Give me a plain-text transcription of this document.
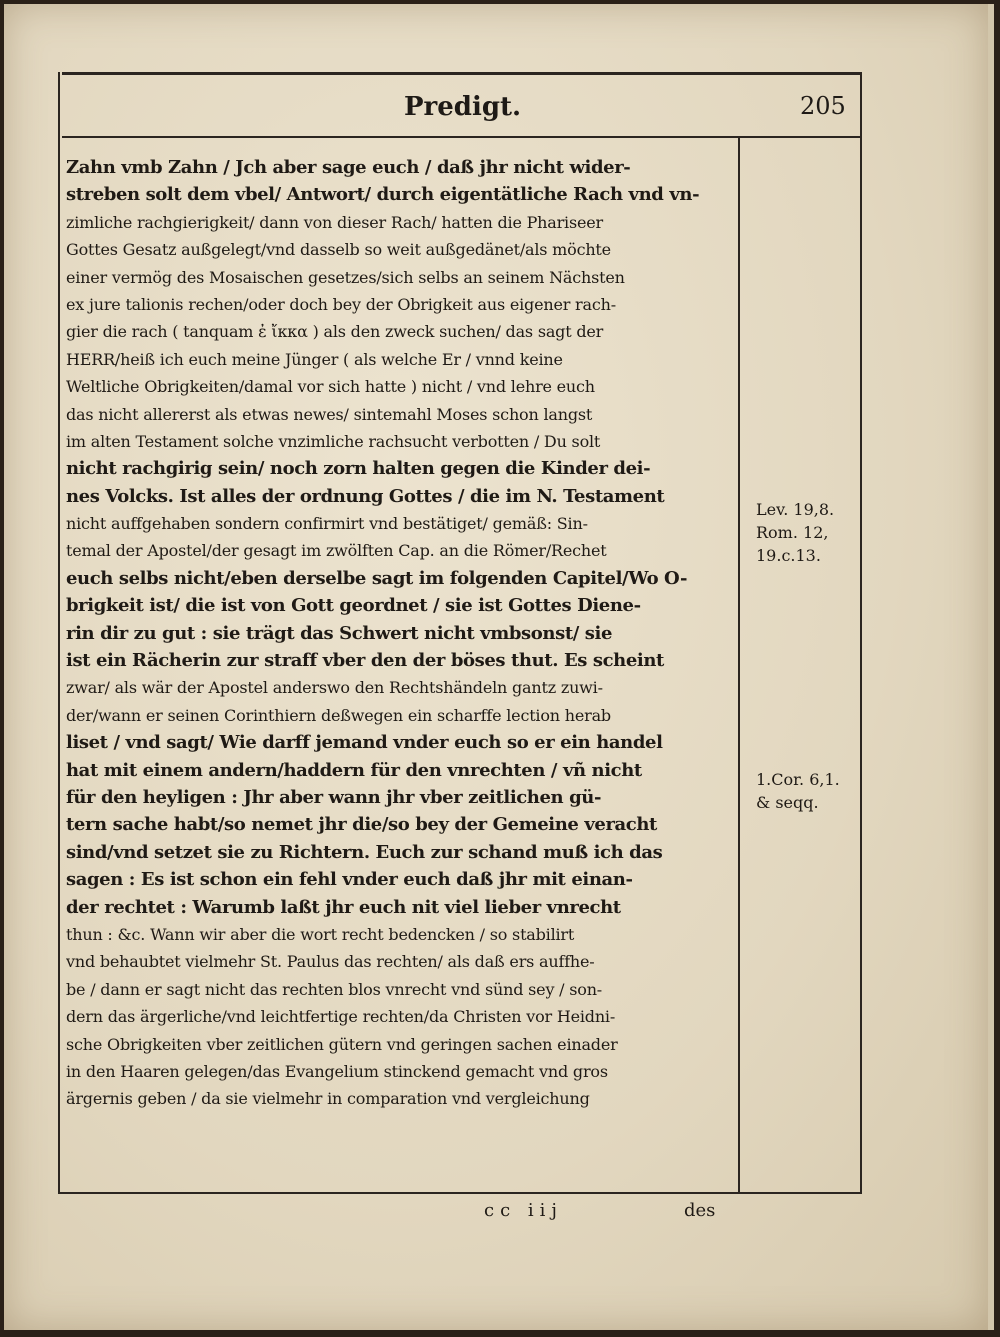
Predigt.	205
Zahn vmb Zahn / Jch aber sage euch / daß jhr nicht wider-
streben solt dem vbel/ Antwort/ durch eigentätliche Rach vnd vn-
zimliche rachgierigkeit/ dann von dieser Rach/ hatten die Phariseer
Gottes Gesatz außgelegt/vnd dasselb so weit außgedänet/als möchte
einer vermög des Mosaischen gesetzes/sich selbs an seinem Nächsten
ex jure talionis rechen/oder doch bey der Obrigkeit aus eigener rach-
gier die rach ( tanquam ἐ ἴκκα ) als den zweck suchen/ das sagt der
HERR/heiß ich euch meine Jünger ( als welche Er / vnnd keine
Weltliche Obrigkeiten/damal vor sich hatte ) nicht / vnd lehre euch
das nicht allererst als etwas newes/ sintemahl Moses schon langst
im alten Testament solche vnzimliche rachsucht verbotten / Du solt
nicht rachgirig sein/ noch zorn halten gegen die Kinder dei-
nes Volcks. Ist alles der ordnung Gottes / die im N. Testament
nicht auffgehaben sondern confirmirt vnd bestätiget/ gemäß: Sin-
temal der Apostel/der gesagt im zwölften Cap. an die Römer/Rechet
euch selbs nicht/eben derselbe sagt im folgenden Capitel/Wo O-
brigkeit ist/ die ist von Gott geordnet / sie ist Gottes Diene-
rin dir zu gut : sie trägt das Schwert nicht vmbsonst/ sie
ist ein Rächerin zur straff vber den der böses thut. Es scheint
zwar/ als wär der Apostel anderswo den Rechtshändeln gantz zuwi-
der/wann er seinen Corinthiern deßwegen ein scharffe lection herab
liset / vnd sagt/ Wie darff jemand vnder euch so er ein handel
hat mit einem andern/haddern für den vnrechten / vñ nicht
für den heyligen : Jhr aber wann jhr vber zeitlichen gü-
tern sache habt/so nemet jhr die/so bey der Gemeine veracht
sind/vnd setzet sie zu Richtern. Euch zur schand muß ich das
sagen : Es ist schon ein fehl vnder euch daß jhr mit einan-
der rechtet : Warumb laßt jhr euch nit viel lieber vnrecht
thun : &c. Wann wir aber die wort recht bedencken / so stabilirt
vnd behaubtet vielmehr St. Paulus das rechten/ als daß ers auffhe-
be / dann er sagt nicht das rechten blos vnrecht vnd sünd sey / son-
dern das ärgerliche/vnd leichtfertige rechten/da Christen vor Heidni-
sche Obrigkeiten vber zeitlichen gütern vnd geringen sachen einader
in den Haaren gelegen/das Evangelium stinckend gemacht vnd gros
ärgernis geben / da sie vielmehr in comparation vnd vergleichung
Lev. 19,8.
Rom. 12,
19.c.13.
1.Cor. 6,1.
& seqq.
cc iij	des
